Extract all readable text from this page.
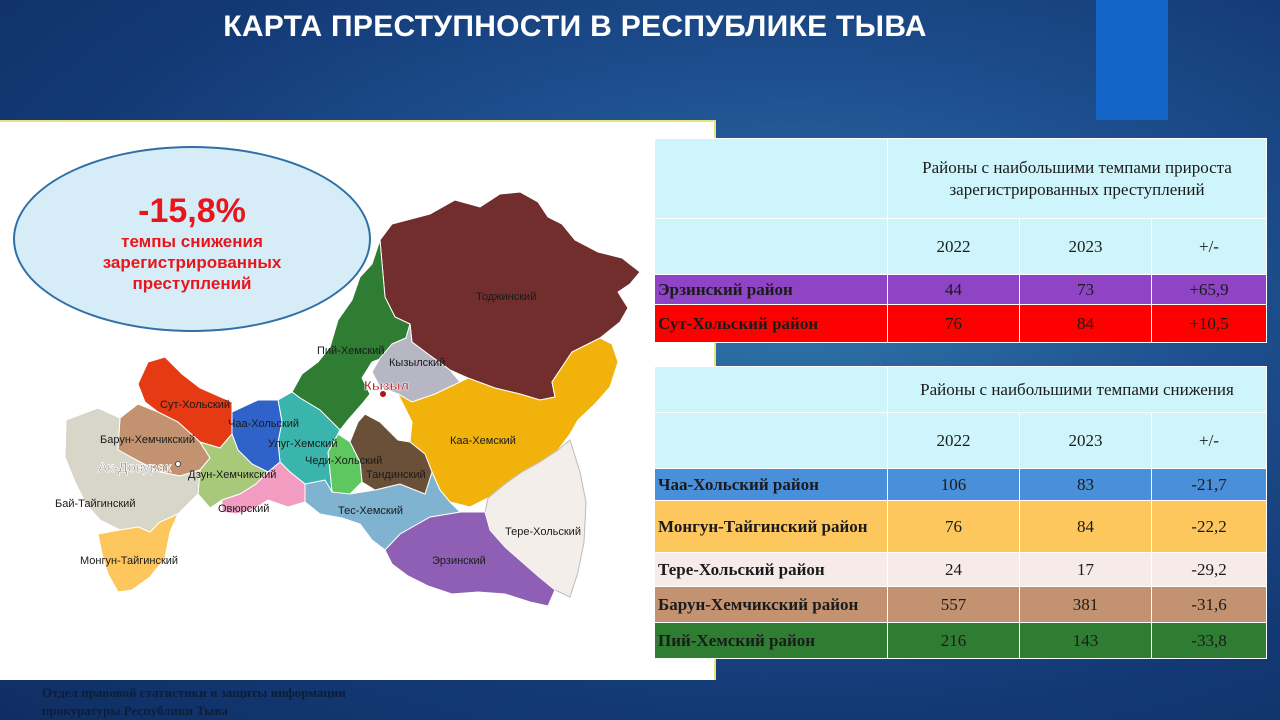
КАРТА ПРЕСТУПНОСТИ В РЕСПУБЛИКЕ ТЫВА
Кызыл
Тоджинский
Пий-Хемский
Кызылский
Сут-Хольский
Чаа-Хольский
Улуг-Хемский
Барун-Хемчикский
Ак-Довурак Дзун-Хемчикский
Чеди-Хольский
Тандинский
Каа-Хемский
Бай-Тайгинский	Овюрский	Тес-Хемский
Тере-Хольский
Монгун-Тайгинский	Эрзинский
-15,8%
темпы снижения
зарегистрированных
преступлений
	Районы с наибольшими темпами прироста зарегистрированных преступлений		
	2022	2023	+/-
Эрзинский район	44	73	+65,9
Сут-Хольский район	76	84	+10,5
	Районы с наибольшими темпами снижения		
	2022	2023	+/-
Чаа-Хольский район	106	83	-21,7
Монгун-Тайгинский район	76	84	-22,2
Тере-Хольский район	24	17	-29,2
Барун-Хемчикский район	557	381	-31,6
Пий-Хемский район	216	143	-33,8
Отдел правовой статистики и защиты информации
прокуратуры Республики Тыва
